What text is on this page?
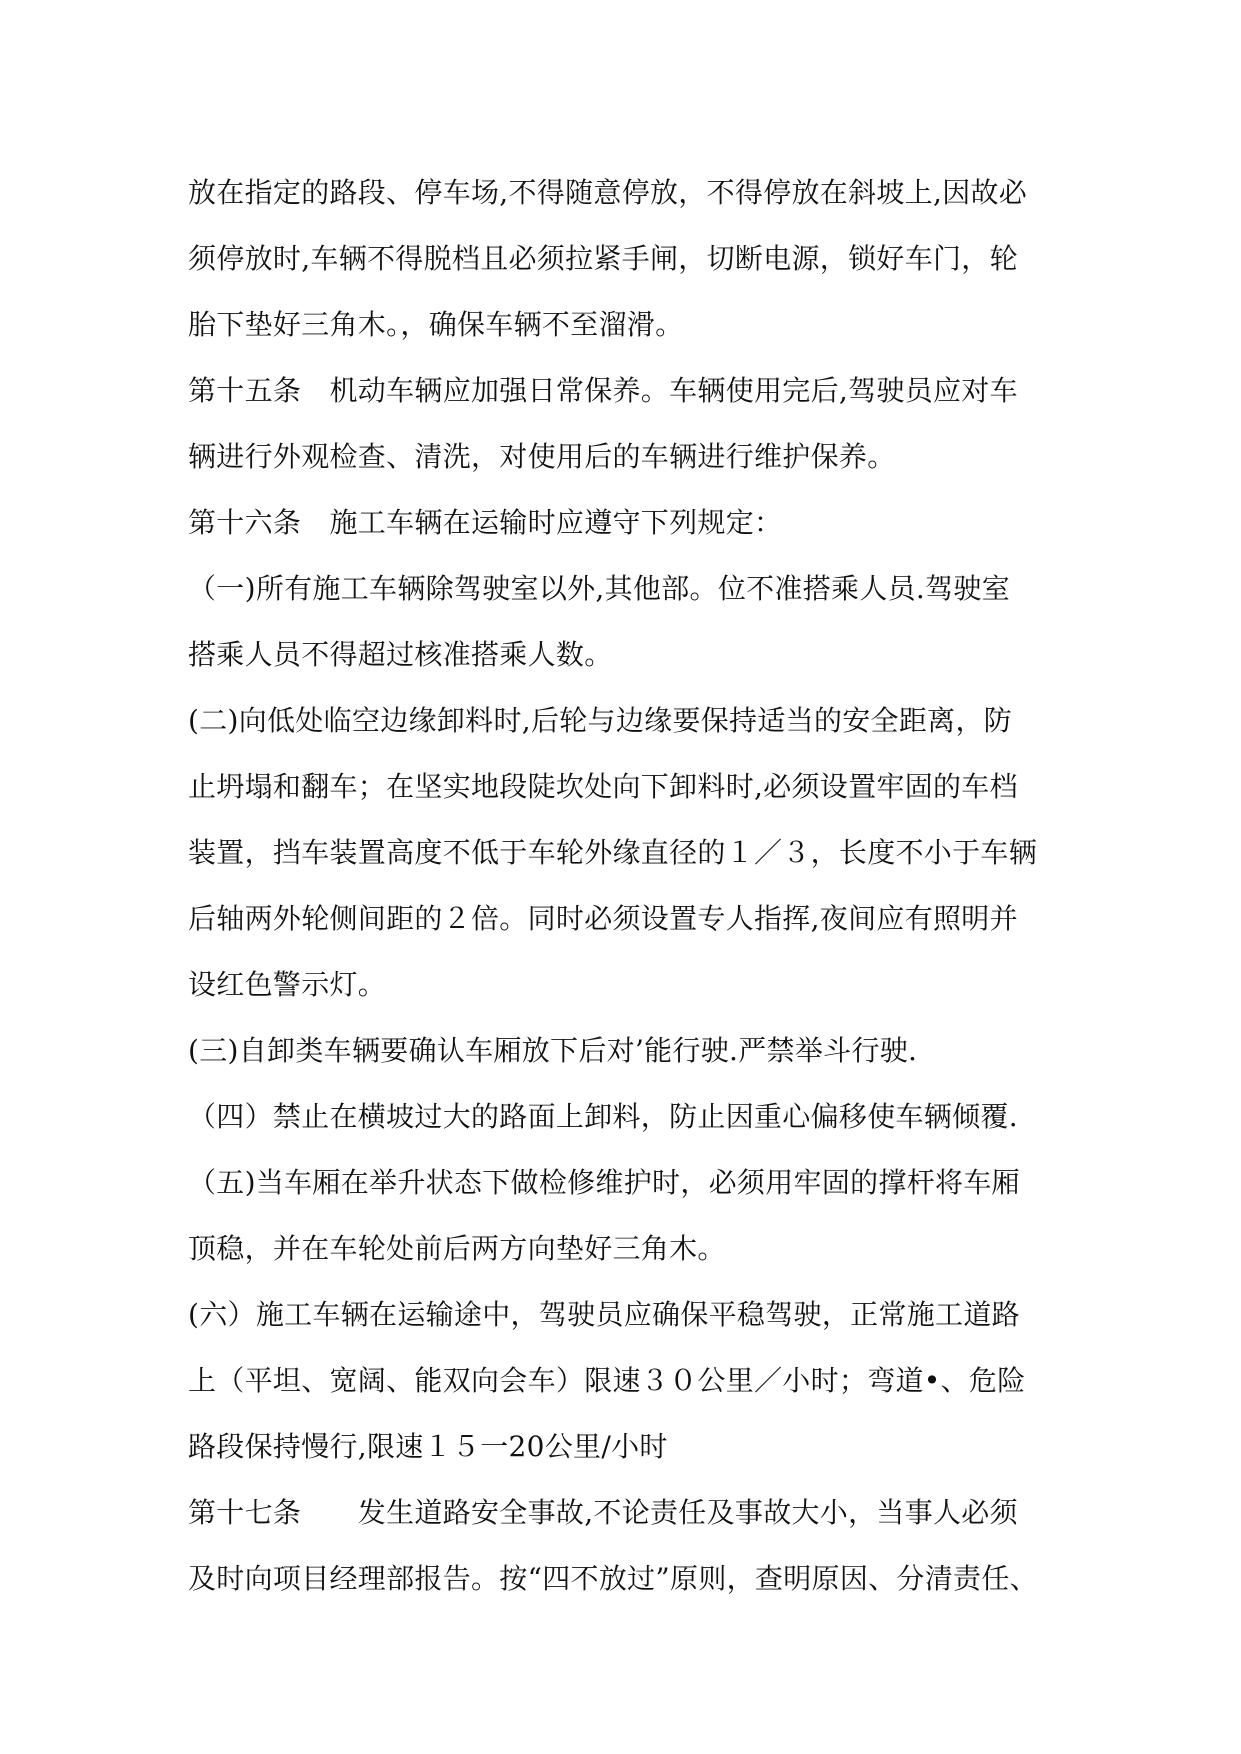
放在指定的路段、停车场,不得随意停放，不得停放在斜坡上,因故必
须停放时,车辆不得脱档且必须拉紧手闸，切断电源，锁好车门，轮
胎下垫好三角木。，确保车辆不至溜滑。
第十五条　机动车辆应加强日常保养。车辆使用完后,驾驶员应对车
辆进行外观检查、清洗，对使用后的车辆进行维护保养。
第十六条　施工车辆在运输时应遵守下列规定：
（一)所有施工车辆除驾驶室以外,其他部。位不准搭乘人员.驾驶室
搭乘人员不得超过核准搭乘人数。
(二)向低处临空边缘卸料时,后轮与边缘要保持适当的安全距离，防
止坍塌和翻车；在坚实地段陡坎处向下卸料时,必须设置牢固的车档
装置，挡车装置高度不低于车轮外缘直径的１／３，长度不小于车辆
后轴两外轮侧间距的２倍。同时必须设置专人指挥,夜间应有照明并
设红色警示灯。
(三)自卸类车辆要确认车厢放下后对’能行驶.严禁举斗行驶.
（四）禁止在横坡过大的路面上卸料，防止因重心偏移使车辆倾覆.
（五)当车厢在举升状态下做检修维护时，必须用牢固的撑杆将车厢
顶稳，并在车轮处前后两方向垫好三角木。
(六）施工车辆在运输途中，驾驶员应确保平稳驾驶，正常施工道路
上（平坦、宽阔、能双向会车）限速３０公里／小时；弯道•、危险
路段保持慢行,限速１５一20公里/小时
第十七条　　发生道路安全事故,不论责任及事故大小，当事人必须
及时向项目经理部报告。按“四不放过”原则，查明原因、分清责任、
